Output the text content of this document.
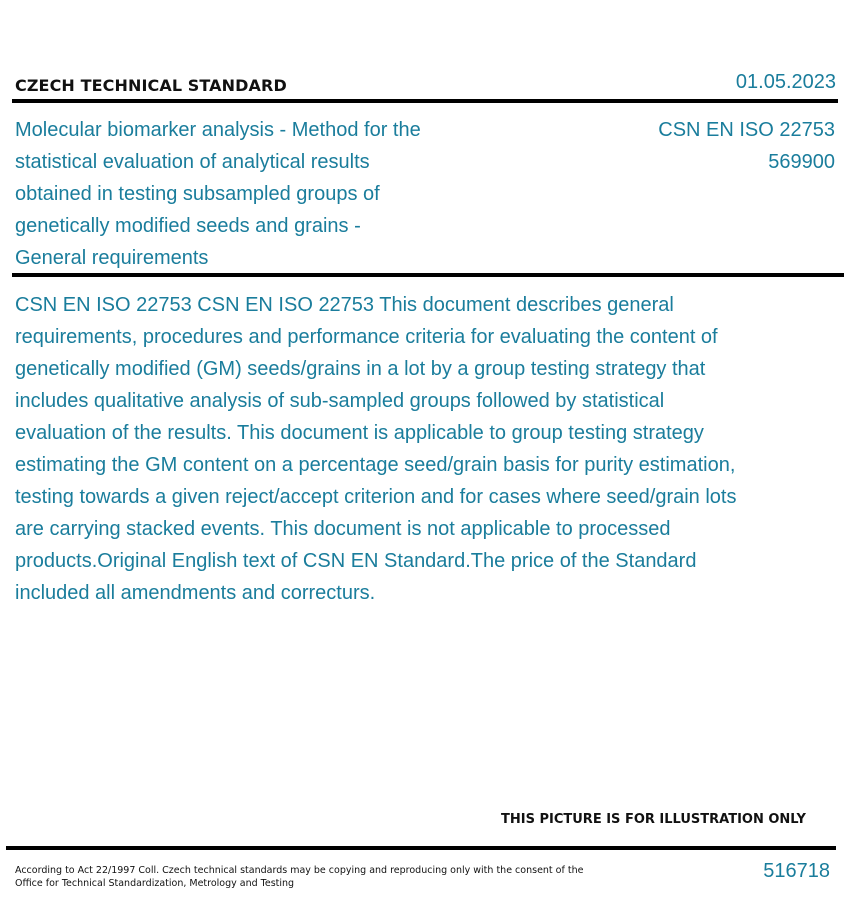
CZECH TECHNICAL STANDARD	01.05.2023
Molecular biomarker analysis - Method for the statistical evaluation of analytical results obtained in testing subsampled groups of genetically modified seeds and grains - General requirements
CSN EN ISO 22753
569900
CSN EN ISO 22753 CSN EN ISO 22753 This document describes general requirements, procedures and performance criteria for evaluating the content of genetically modified (GM) seeds/grains in a lot by a group testing strategy that includes qualitative analysis of sub-sampled groups followed by statistical evaluation of the results. This document is applicable to group testing strategy estimating the GM content on a percentage seed/grain basis for purity estimation, testing towards a given reject/accept criterion and for cases where seed/grain lots are carrying stacked events. This document is not applicable to processed products.Original English text of CSN EN Standard.The price of the Standard included all amendments and correcturs.
THIS PICTURE IS FOR ILLUSTRATION ONLY
According to Act 22/1997 Coll. Czech technical standards may be copying and reproducing only with the consent of the Office for Technical Standardization, Metrology and Testing
516718
